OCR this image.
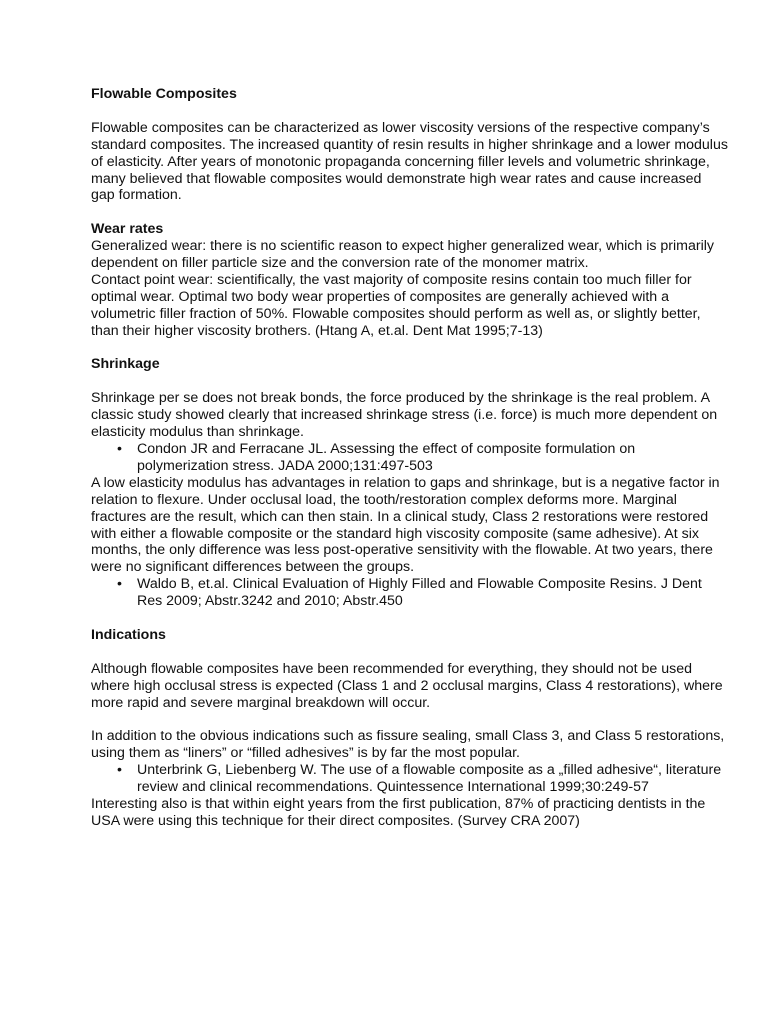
Flowable Composites

Flowable composites can be characterized as lower viscosity versions of the respective company’s standard composites. The increased quantity of resin results in higher shrinkage and a lower modulus of elasticity. After years of monotonic propaganda concerning filler levels and volumetric shrinkage, many believed that flowable composites would demonstrate high wear rates and cause increased gap formation.

Wear rates

Generalized wear: there is no scientific reason to expect higher generalized wear, which is primarily dependent on filler particle size and the conversion rate of the monomer matrix.

Contact point wear: scientifically, the vast majority of composite resins contain too much filler for optimal wear. Optimal two body wear properties of composites are generally achieved with a volumetric filler fraction of 50%. Flowable composites should perform as well as, or slightly better, than their higher viscosity brothers. (Htang A, et.al. Dent Mat 1995;7-13)

Shrinkage

Shrinkage per se does not break bonds, the force produced by the shrinkage is the real problem. A classic study showed clearly that increased shrinkage stress (i.e. force) is much more dependent on elasticity modulus than shrinkage.

• Condon JR and Ferracane JL. Assessing the effect of composite formulation on polymerization stress. JADA 2000;131:497-503

A low elasticity modulus has advantages in relation to gaps and shrinkage, but is a negative factor in relation to flexure. Under occlusal load, the tooth/restoration complex deforms more. Marginal fractures are the result, which can then stain. In a clinical study, Class 2 restorations were restored with either a flowable composite or the standard high viscosity composite (same adhesive). At six months, the only difference was less post-operative sensitivity with the flowable. At two years, there were no significant differences between the groups.

• Waldo B, et.al. Clinical Evaluation of Highly Filled and Flowable Composite Resins. J Dent Res 2009; Abstr.3242 and 2010; Abstr.450

Indications

Although flowable composites have been recommended for everything, they should not be used where high occlusal stress is expected (Class 1 and 2 occlusal margins, Class 4 restorations), where more rapid and severe marginal breakdown will occur.

In addition to the obvious indications such as fissure sealing, small Class 3, and Class 5 restorations, using them as “liners” or “filled adhesives” is by far the most popular.

• Unterbrink G, Liebenberg W. The use of a flowable composite as a „filled adhesive“, literature review and clinical recommendations. Quintessence International 1999;30:249-57

Interesting also is that within eight years from the first publication, 87% of practicing dentists in the USA were using this technique for their direct composites. (Survey CRA 2007)
